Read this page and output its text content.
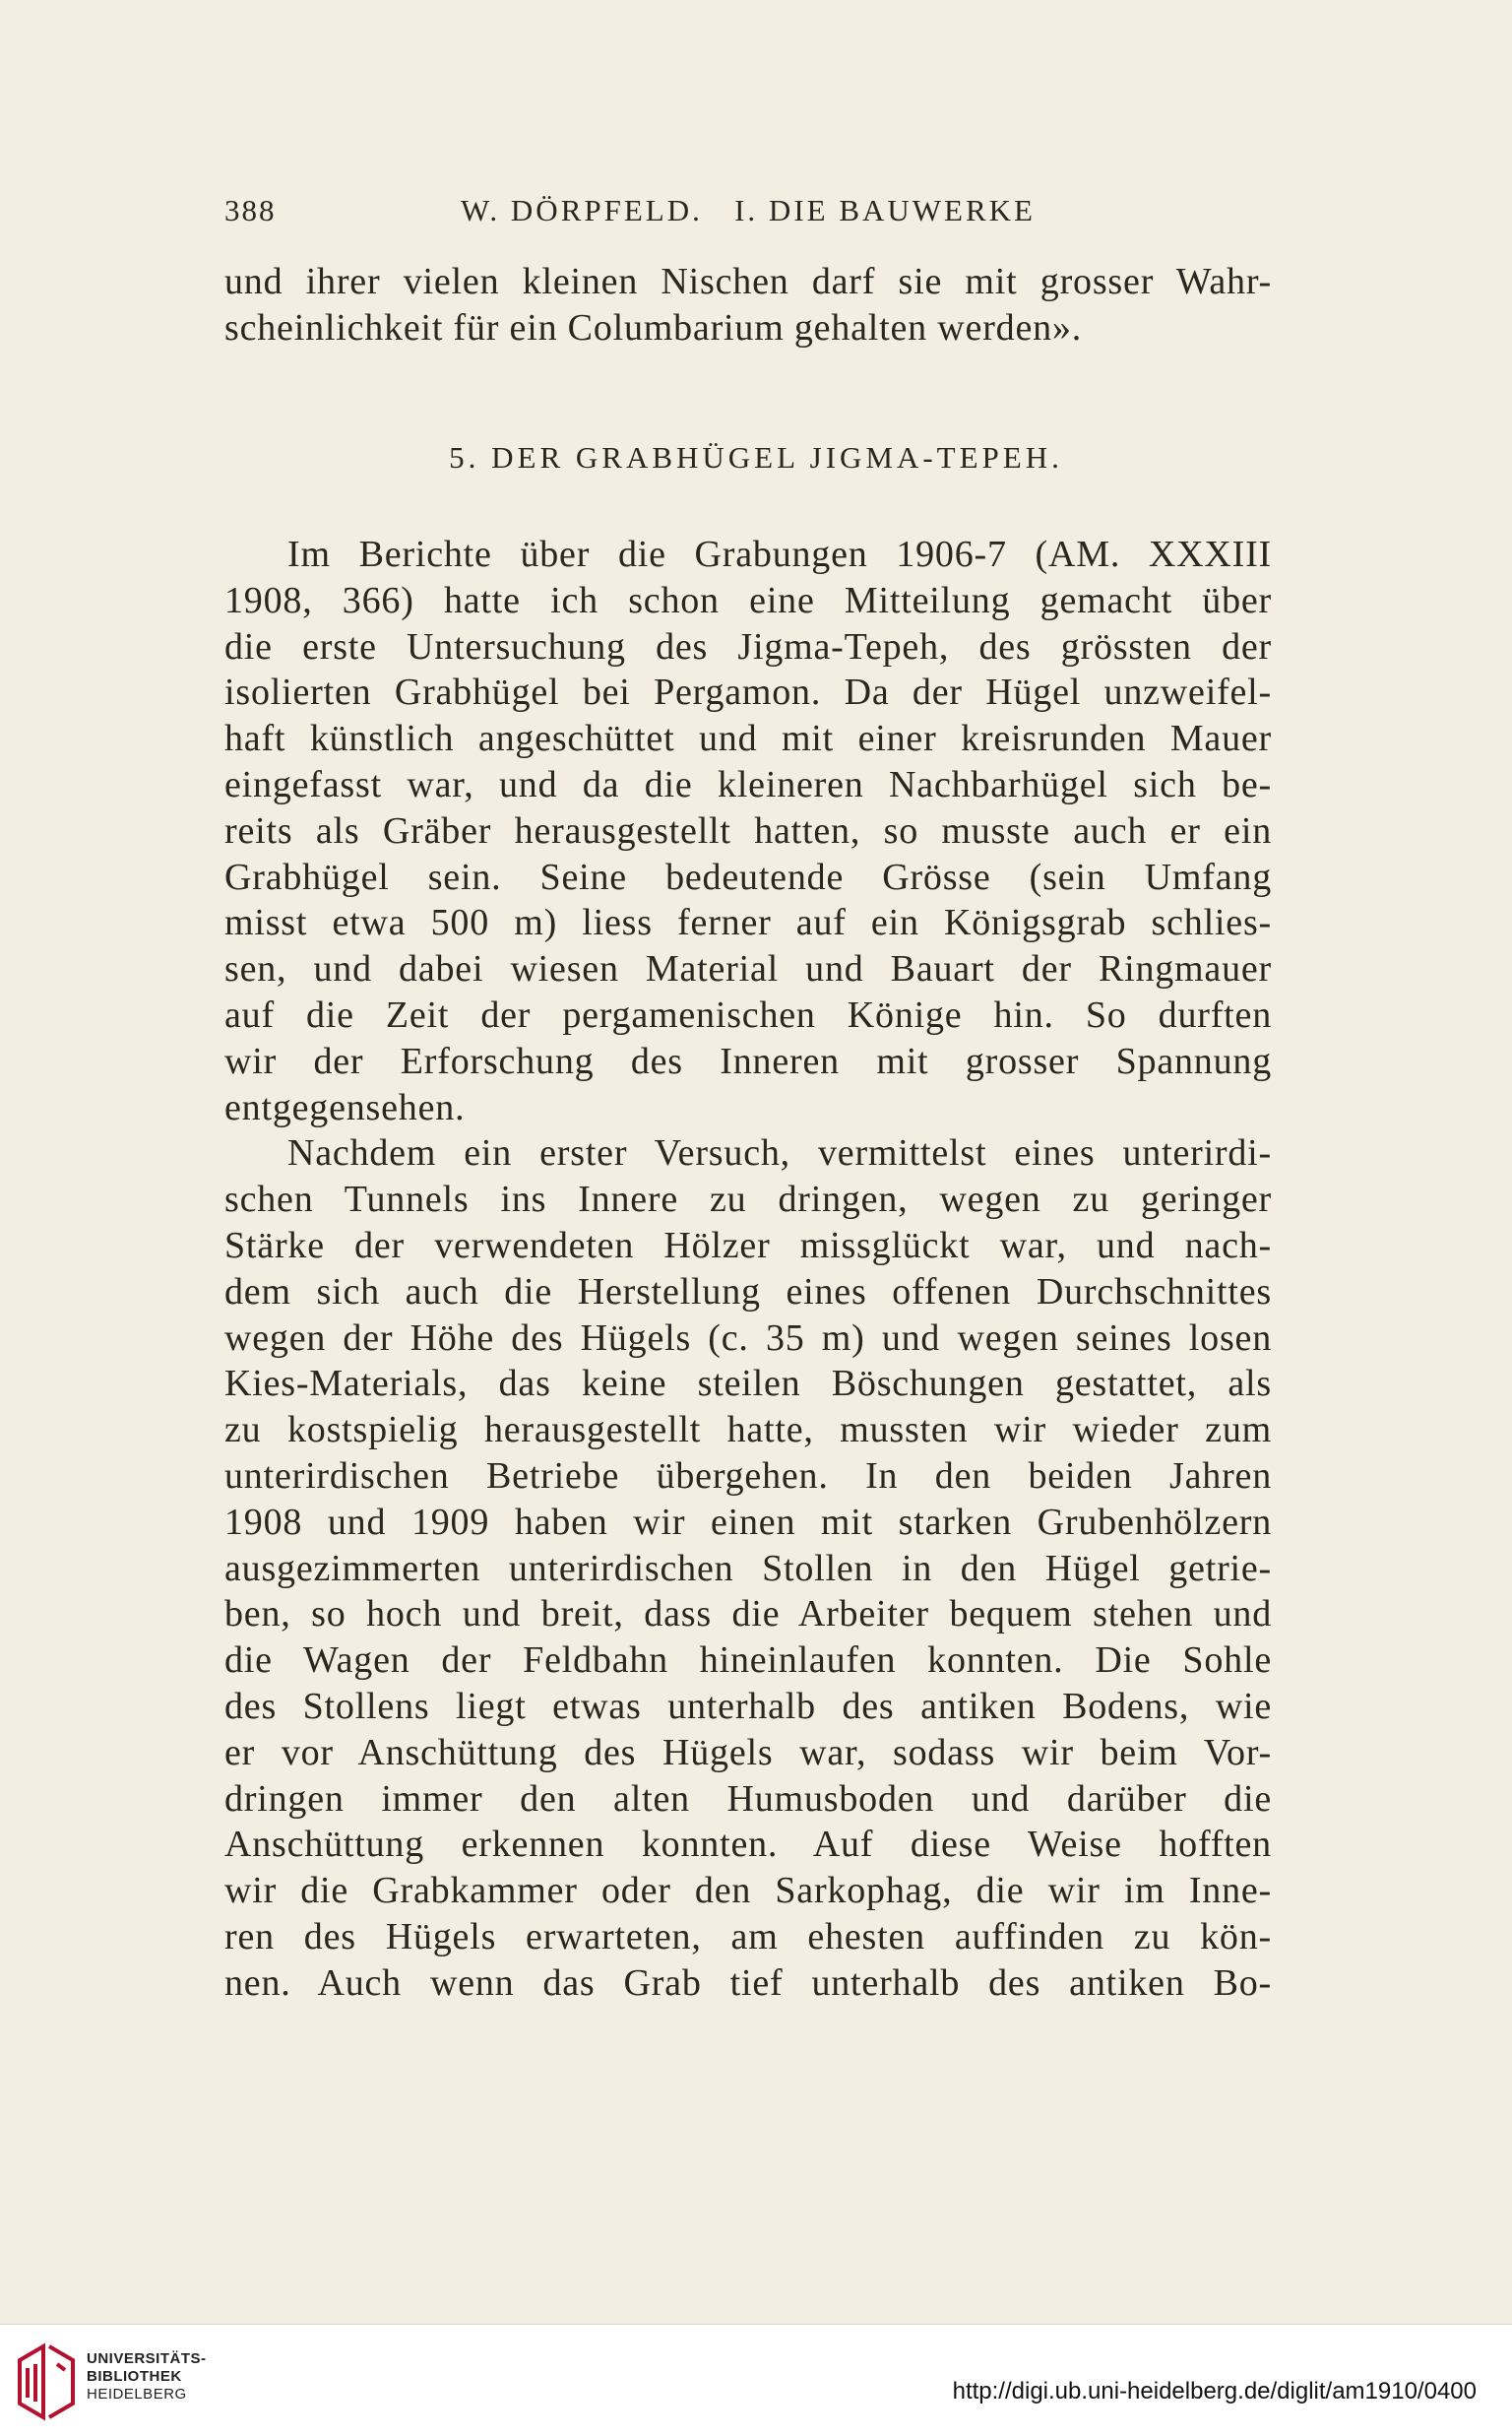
388	W. DÖRPFELD.   I. DIE BAUWERKE
und ihrer vielen kleinen Nischen darf sie mit grosser Wahr-
scheinlichkeit für ein Columbarium gehalten werden».
5. DER GRABHÜGEL JIGMA-TEPEH.
Im Berichte über die Grabungen 1906-7 (AM. XXXIII
1908, 366) hatte ich schon eine Mitteilung gemacht über
die erste Untersuchung des Jigma-Tepeh, des grössten der
isolierten Grabhügel bei Pergamon. Da der Hügel unzweifel-
haft künstlich angeschüttet und mit einer kreisrunden Mauer
eingefasst war, und da die kleineren Nachbarhügel sich be-
reits als Gräber herausgestellt hatten, so musste auch er ein
Grabhügel sein. Seine bedeutende Grösse (sein Umfang
misst etwa 500 m) liess ferner auf ein Königsgrab schlies-
sen, und dabei wiesen Material und Bauart der Ringmauer
auf die Zeit der pergamenischen Könige hin. So durften
wir der Erforschung des Inneren mit grosser Spannung
entgegensehen.
Nachdem ein erster Versuch, vermittelst eines unterirdi-
schen Tunnels ins Innere zu dringen, wegen zu geringer
Stärke der verwendeten Hölzer missglückt war, und nach-
dem sich auch die Herstellung eines offenen Durchschnittes
wegen der Höhe des Hügels (c. 35 m) und wegen seines losen
Kies-Materials, das keine steilen Böschungen gestattet, als
zu kostspielig herausgestellt hatte, mussten wir wieder zum
unterirdischen Betriebe übergehen. In den beiden Jahren
1908 und 1909 haben wir einen mit starken Grubenhölzern
ausgezimmerten unterirdischen Stollen in den Hügel getrie-
ben, so hoch und breit, dass die Arbeiter bequem stehen und
die Wagen der Feldbahn hineinlaufen konnten. Die Sohle
des Stollens liegt etwas unterhalb des antiken Bodens, wie
er vor Anschüttung des Hügels war, sodass wir beim Vor-
dringen immer den alten Humusboden und darüber die
Anschüttung erkennen konnten. Auf diese Weise hofften
wir die Grabkammer oder den Sarkophag, die wir im Inne-
ren des Hügels erwarteten, am ehesten auffinden zu kön-
nen. Auch wenn das Grab tief unterhalb des antiken Bo-
UNIVERSITÄTS-
BIBLIOTHEK
HEIDELBERG	http://digi.ub.uni-heidelberg.de/diglit/am1910/0400
